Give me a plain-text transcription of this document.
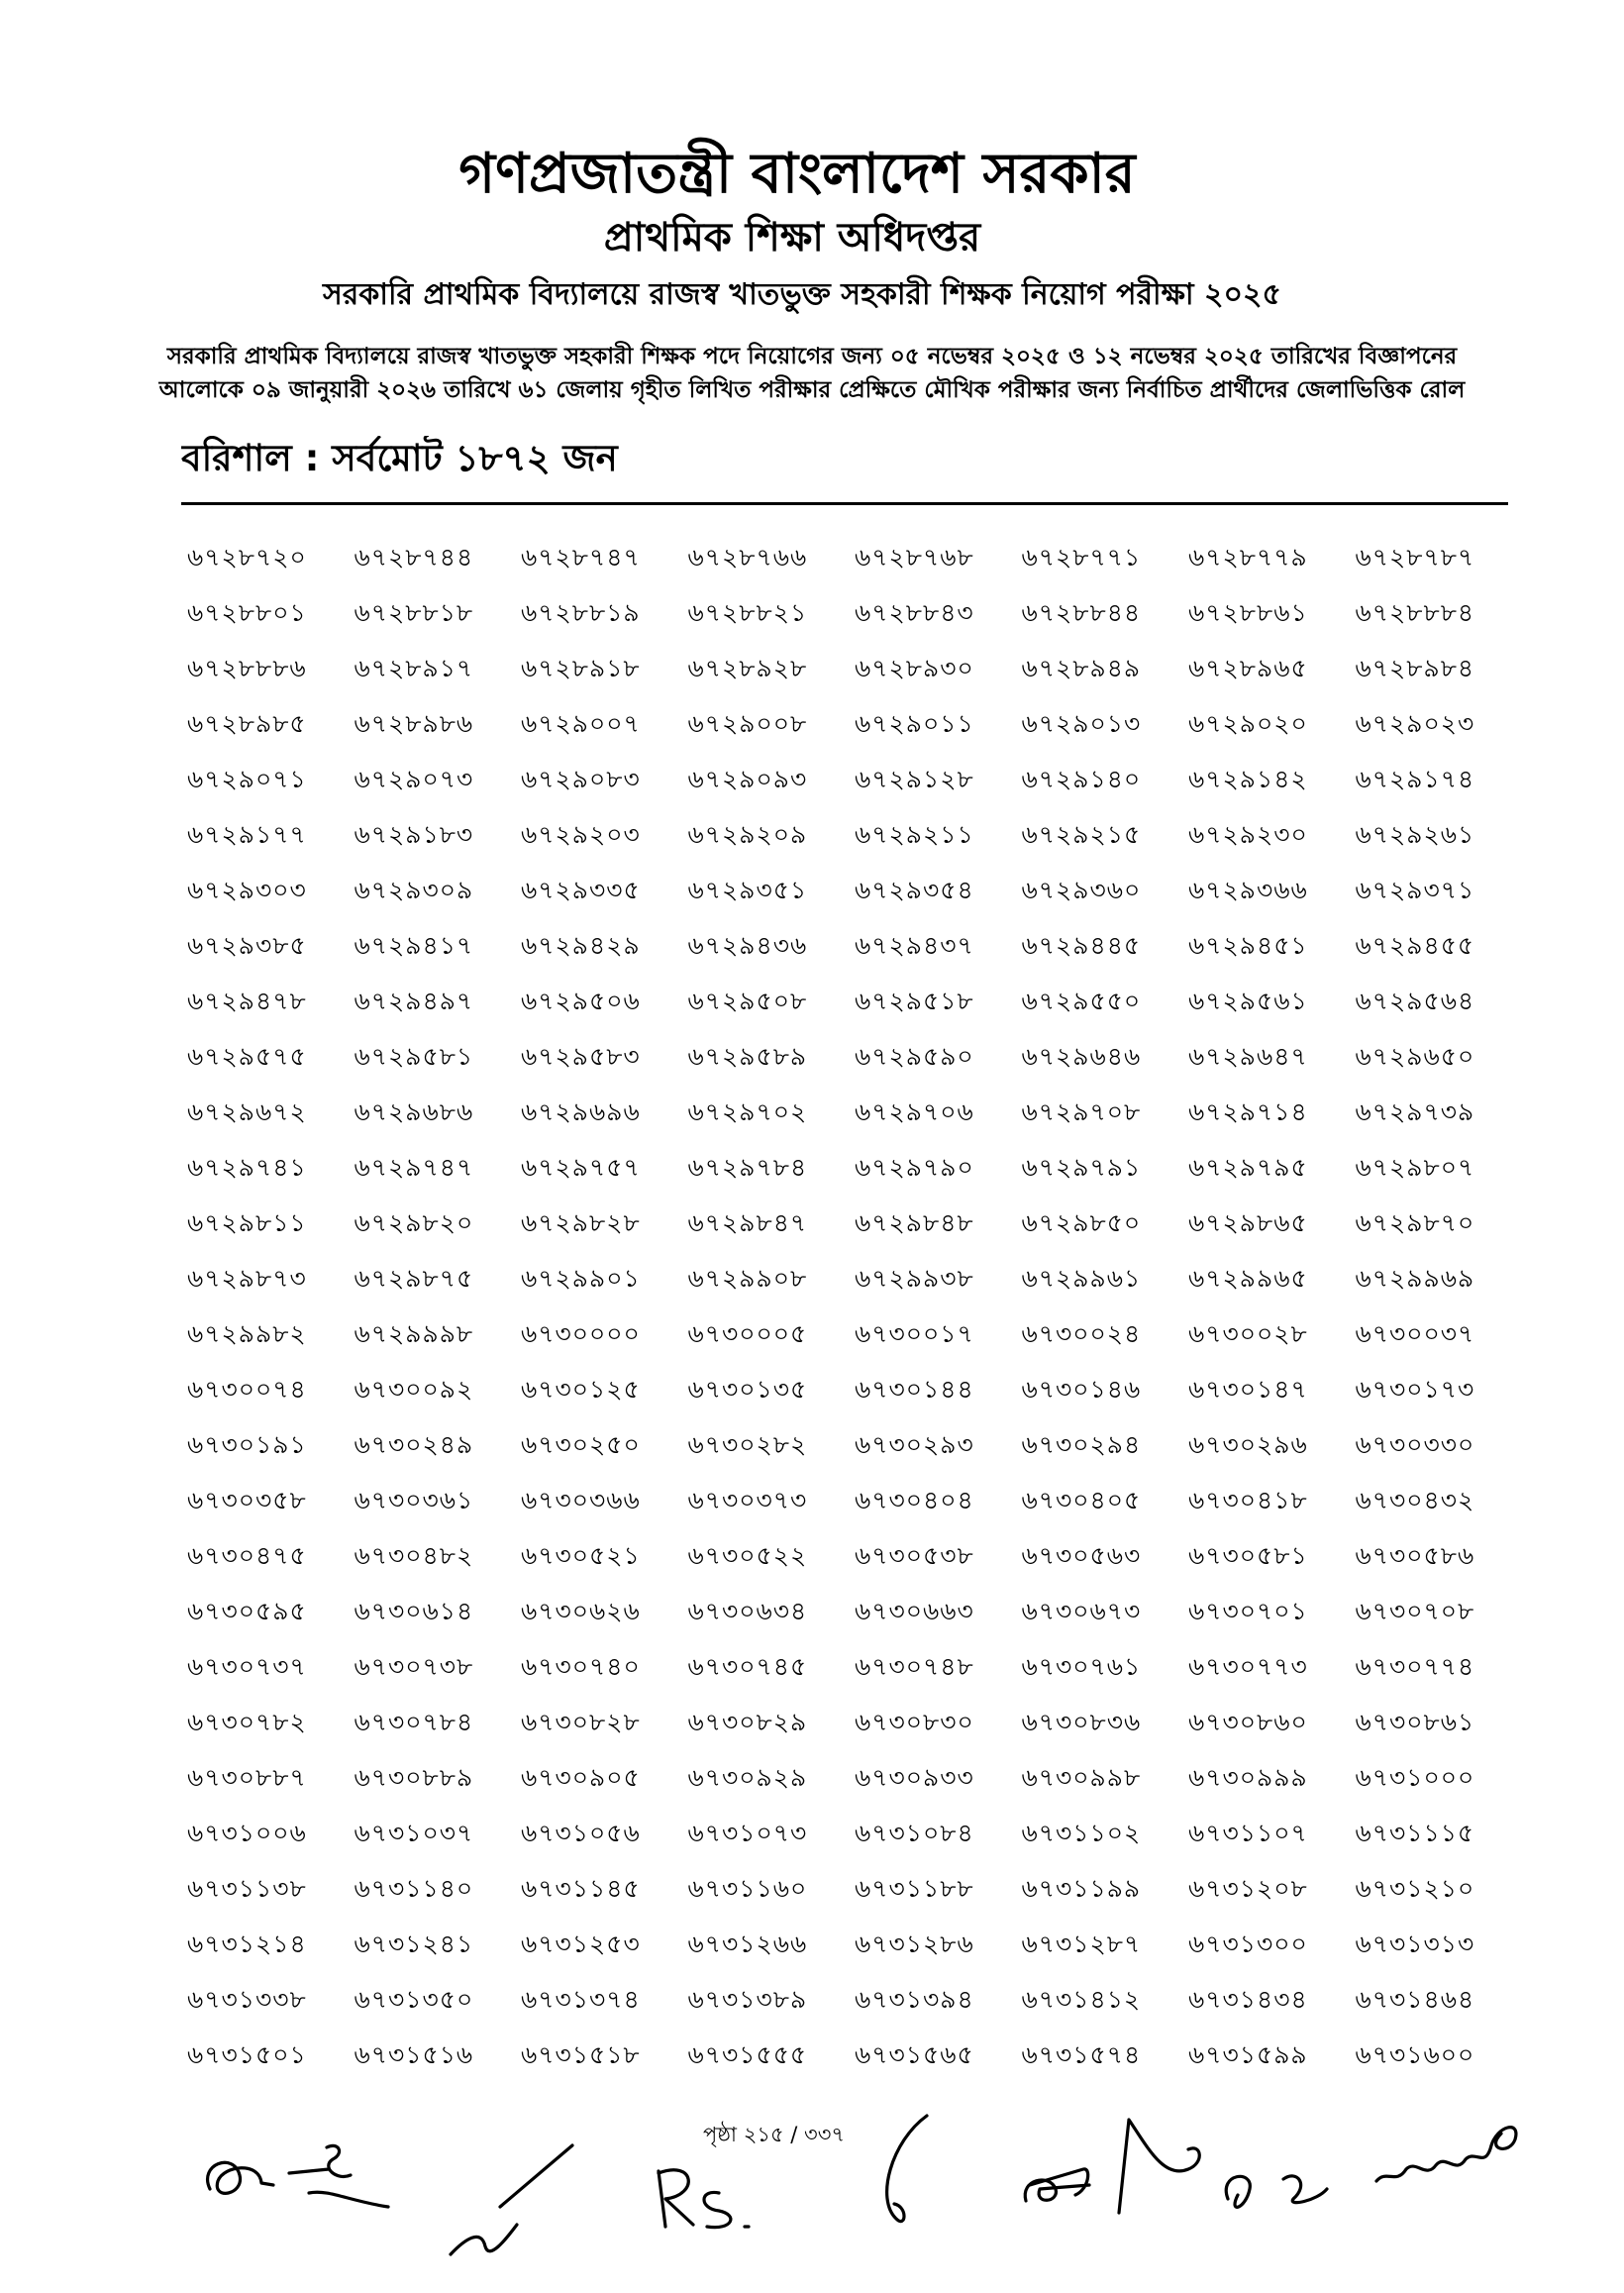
গণপ্রজাতন্ত্রী বাংলাদেশ সরকার
প্রাথমিক শিক্ষা অধিদপ্তর
সরকারি প্রাথমিক বিদ্যালয়ে রাজস্ব খাতভুক্ত সহকারী শিক্ষক নিয়োগ পরীক্ষা ২০২৫
সরকারি প্রাথমিক বিদ্যালয়ে রাজস্ব খাতভুক্ত সহকারী শিক্ষক পদে নিয়োগের জন্য ০৫ নভেম্বর ২০২৫ ও ১২ নভেম্বর ২০২৫ তারিখের বিজ্ঞাপনের
আলোকে ০৯ জানুয়ারী ২০২৬ তারিখে ৬১ জেলায় গৃহীত লিখিত পরীক্ষার প্রেক্ষিতে মৌখিক পরীক্ষার জন্য নির্বাচিত প্রার্থীদের জেলাভিত্তিক রোল
বরিশাল : সর্বমোট ১৮৭২ জন
৬৭২৮৭২০	৬৭২৮৭৪৪	৬৭২৮৭৪৭	৬৭২৮৭৬৬	৬৭২৮৭৬৮	৬৭২৮৭৭১	৬৭২৮৭৭৯	৬৭২৮৭৮৭
৬৭২৮৮০১	৬৭২৮৮১৮	৬৭২৮৮১৯	৬৭২৮৮২১	৬৭২৮৮৪৩	৬৭২৮৮৪৪	৬৭২৮৮৬১	৬৭২৮৮৮৪
৬৭২৮৮৮৬	৬৭২৮৯১৭	৬৭২৮৯১৮	৬৭২৮৯২৮	৬৭২৮৯৩০	৬৭২৮৯৪৯	৬৭২৮৯৬৫	৬৭২৮৯৮৪
৬৭২৮৯৮৫	৬৭২৮৯৮৬	৬৭২৯০০৭	৬৭২৯০০৮	৬৭২৯০১১	৬৭২৯০১৩	৬৭২৯০২০	৬৭২৯০২৩
৬৭২৯০৭১	৬৭২৯০৭৩	৬৭২৯০৮৩	৬৭২৯০৯৩	৬৭২৯১২৮	৬৭২৯১৪০	৬৭২৯১৪২	৬৭২৯১৭৪
৬৭২৯১৭৭	৬৭২৯১৮৩	৬৭২৯২০৩	৬৭২৯২০৯	৬৭২৯২১১	৬৭২৯২১৫	৬৭২৯২৩০	৬৭২৯২৬১
৬৭২৯৩০৩	৬৭২৯৩০৯	৬৭২৯৩৩৫	৬৭২৯৩৫১	৬৭২৯৩৫৪	৬৭২৯৩৬০	৬৭২৯৩৬৬	৬৭২৯৩৭১
৬৭২৯৩৮৫	৬৭২৯৪১৭	৬৭২৯৪২৯	৬৭২৯৪৩৬	৬৭২৯৪৩৭	৬৭২৯৪৪৫	৬৭২৯৪৫১	৬৭২৯৪৫৫
৬৭২৯৪৭৮	৬৭২৯৪৯৭	৬৭২৯৫০৬	৬৭২৯৫০৮	৬৭২৯৫১৮	৬৭২৯৫৫০	৬৭২৯৫৬১	৬৭২৯৫৬৪
৬৭২৯৫৭৫	৬৭২৯৫৮১	৬৭২৯৫৮৩	৬৭২৯৫৮৯	৬৭২৯৫৯০	৬৭২৯৬৪৬	৬৭২৯৬৪৭	৬৭২৯৬৫০
৬৭২৯৬৭২	৬৭২৯৬৮৬	৬৭২৯৬৯৬	৬৭২৯৭০২	৬৭২৯৭০৬	৬৭২৯৭০৮	৬৭২৯৭১৪	৬৭২৯৭৩৯
৬৭২৯৭৪১	৬৭২৯৭৪৭	৬৭২৯৭৫৭	৬৭২৯৭৮৪	৬৭২৯৭৯০	৬৭২৯৭৯১	৬৭২৯৭৯৫	৬৭২৯৮০৭
৬৭২৯৮১১	৬৭২৯৮২০	৬৭২৯৮২৮	৬৭২৯৮৪৭	৬৭২৯৮৪৮	৬৭২৯৮৫০	৬৭২৯৮৬৫	৬৭২৯৮৭০
৬৭২৯৮৭৩	৬৭২৯৮৭৫	৬৭২৯৯০১	৬৭২৯৯০৮	৬৭২৯৯৩৮	৬৭২৯৯৬১	৬৭২৯৯৬৫	৬৭২৯৯৬৯
৬৭২৯৯৮২	৬৭২৯৯৯৮	৬৭৩০০০০	৬৭৩০০০৫	৬৭৩০০১৭	৬৭৩০০২৪	৬৭৩০০২৮	৬৭৩০০৩৭
৬৭৩০০৭৪	৬৭৩০০৯২	৬৭৩০১২৫	৬৭৩০১৩৫	৬৭৩০১৪৪	৬৭৩০১৪৬	৬৭৩০১৪৭	৬৭৩০১৭৩
৬৭৩০১৯১	৬৭৩০২৪৯	৬৭৩০২৫০	৬৭৩০২৮২	৬৭৩০২৯৩	৬৭৩০২৯৪	৬৭৩০২৯৬	৬৭৩০৩৩০
৬৭৩০৩৫৮	৬৭৩০৩৬১	৬৭৩০৩৬৬	৬৭৩০৩৭৩	৬৭৩০৪০৪	৬৭৩০৪০৫	৬৭৩০৪১৮	৬৭৩০৪৩২
৬৭৩০৪৭৫	৬৭৩০৪৮২	৬৭৩০৫২১	৬৭৩০৫২২	৬৭৩০৫৩৮	৬৭৩০৫৬৩	৬৭৩০৫৮১	৬৭৩০৫৮৬
৬৭৩০৫৯৫	৬৭৩০৬১৪	৬৭৩০৬২৬	৬৭৩০৬৩৪	৬৭৩০৬৬৩	৬৭৩০৬৭৩	৬৭৩০৭০১	৬৭৩০৭০৮
৬৭৩০৭৩৭	৬৭৩০৭৩৮	৬৭৩০৭৪০	৬৭৩০৭৪৫	৬৭৩০৭৪৮	৬৭৩০৭৬১	৬৭৩০৭৭৩	৬৭৩০৭৭৪
৬৭৩০৭৮২	৬৭৩০৭৮৪	৬৭৩০৮২৮	৬৭৩০৮২৯	৬৭৩০৮৩০	৬৭৩০৮৩৬	৬৭৩০৮৬০	৬৭৩০৮৬১
৬৭৩০৮৮৭	৬৭৩০৮৮৯	৬৭৩০৯০৫	৬৭৩০৯২৯	৬৭৩০৯৩৩	৬৭৩০৯৯৮	৬৭৩০৯৯৯	৬৭৩১০০০
৬৭৩১০০৬	৬৭৩১০৩৭	৬৭৩১০৫৬	৬৭৩১০৭৩	৬৭৩১০৮৪	৬৭৩১১০২	৬৭৩১১০৭	৬৭৩১১১৫
৬৭৩১১৩৮	৬৭৩১১৪০	৬৭৩১১৪৫	৬৭৩১১৬০	৬৭৩১১৮৮	৬৭৩১১৯৯	৬৭৩১২০৮	৬৭৩১২১০
৬৭৩১২১৪	৬৭৩১২৪১	৬৭৩১২৫৩	৬৭৩১২৬৬	৬৭৩১২৮৬	৬৭৩১২৮৭	৬৭৩১৩০০	৬৭৩১৩১৩
৬৭৩১৩৩৮	৬৭৩১৩৫০	৬৭৩১৩৭৪	৬৭৩১৩৮৯	৬৭৩১৩৯৪	৬৭৩১৪১২	৬৭৩১৪৩৪	৬৭৩১৪৬৪
৬৭৩১৫০১	৬৭৩১৫১৬	৬৭৩১৫১৮	৬৭৩১৫৫৫	৬৭৩১৫৬৫	৬৭৩১৫৭৪	৬৭৩১৫৯৯	৬৭৩১৬০০
পৃষ্ঠা ২১৫ / ৩৩৭
